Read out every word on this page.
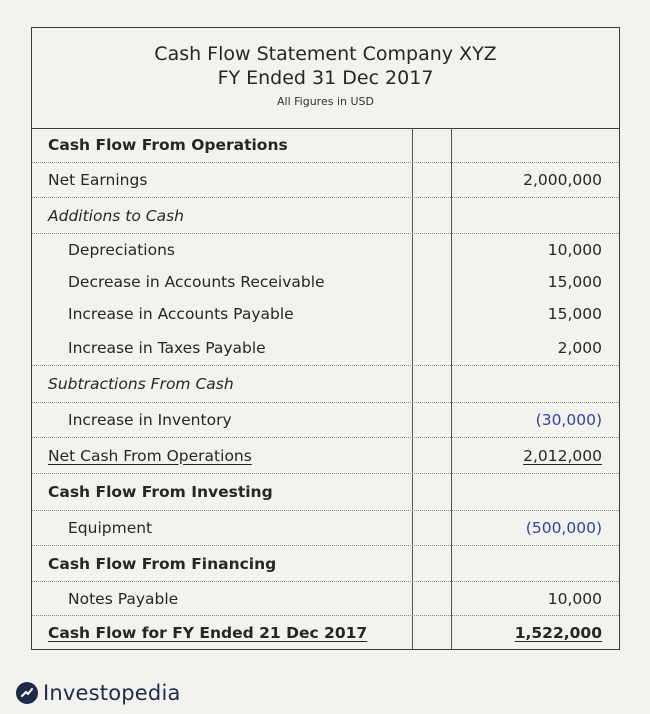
Cash Flow Statement Company XYZ
FY Ended 31 Dec 2017
All Figures in USD
Cash Flow From Operations
Net Earnings	2,000,000
Additions to Cash
Depreciations	10,000
Decrease in Accounts Receivable	15,000
Increase in Accounts Payable	15,000
Increase in Taxes Payable	2,000
Subtractions From Cash
Increase in Inventory	(30,000)
Net Cash From Operations	2,012,000
Cash Flow From Investing
Equipment	(500,000)
Cash Flow From Financing
Notes Payable	10,000
Cash Flow for FY Ended 21 Dec 2017	1,522,000
Investopedia
